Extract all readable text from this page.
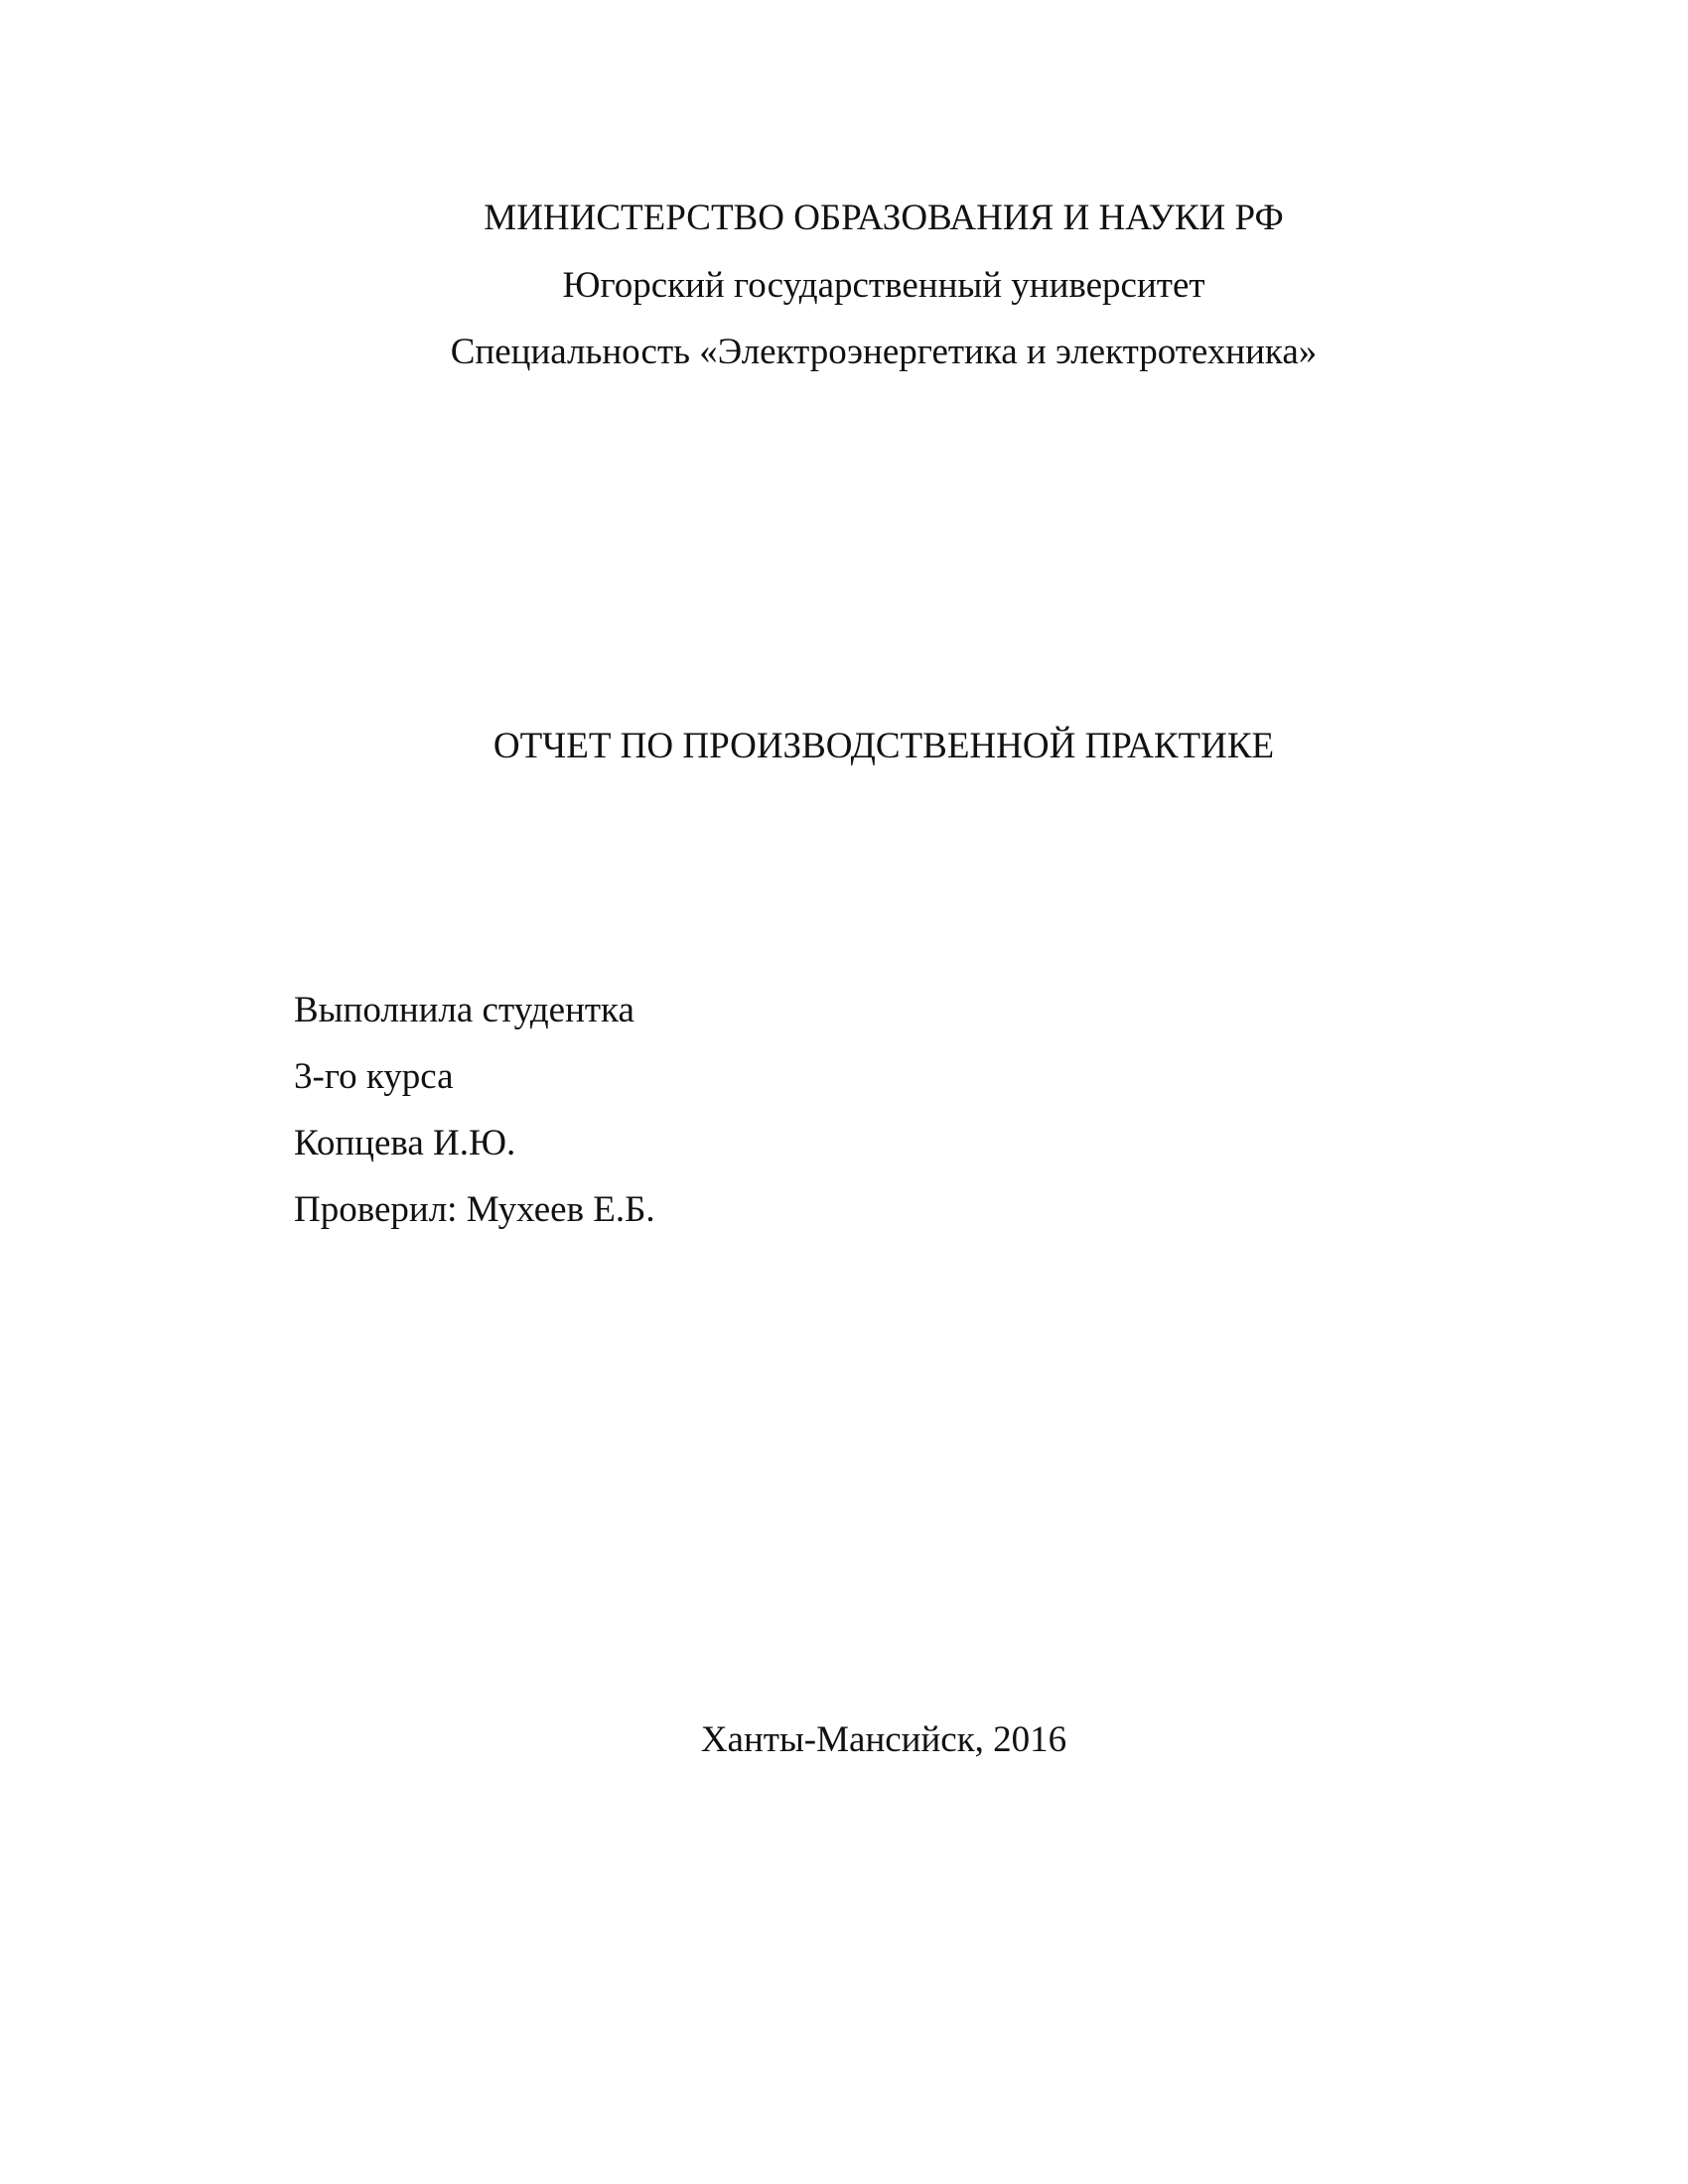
МИНИСТЕРСТВО ОБРАЗОВАНИЯ И НАУКИ РФ
Югорский государственный университет
Специальность «Электроэнергетика и электротехника»
ОТЧЕТ ПО ПРОИЗВОДСТВЕННОЙ ПРАКТИКЕ
Выполнила студентка
3-го курса
Копцева И.Ю.
Проверил: Мухеев Е.Б.
Ханты-Мансийск, 2016
